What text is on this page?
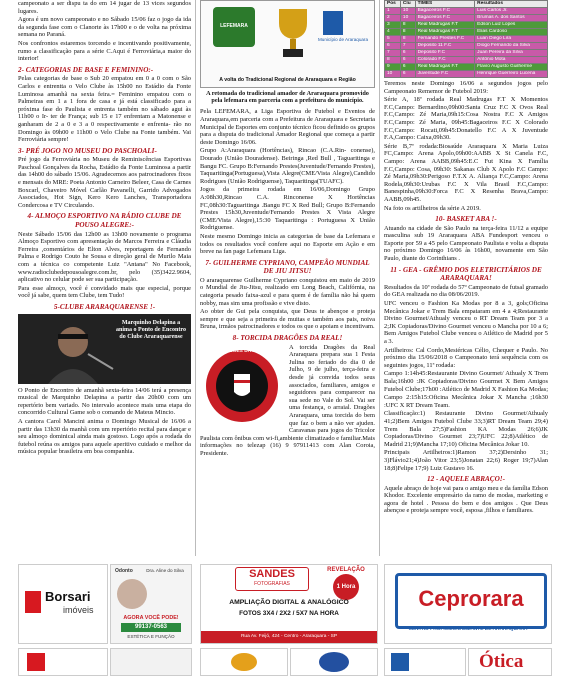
campeonato a ser dispu ta do em 14 jugar de 13 vices segundos lugares.

Agora é um novo campeonato e no Sábado 15/06 faz o jogo da ida da segunda fase com o Clanorte às 17h00 e o de volta na próxima semana no Paraná.

Nos confrontos estaremos torcendo e incentivando positivamente, rumo a classificação para a série C.Aqui é Ferroviária,a maior do interior!

2- CATEGORIAS DE BASE E FEMININO:-

Pelas categorias de base o Sub 20 empatou em 0 a 0 com o São Carlos e entrentta o Velo Clube às 15h00 no Estádio da Fonte Luminosa amanhã na sexta feira.= Feminino empatou com o Palmeiras em 1 a 1 fora de casa e já está classificado para a próxima fase do Paulista e entrenta também no sábado agui às 11h00 o Ir- ter de França; sub 15 e 17 enfrentam a Matonense e ganharam de 2 a 0 e 3 a 0 respectivamente e enfrenta- rão no Domingo às 09h00 e 11h00 o Velo Clube na Fonte também. Vai Ferroviária sempre!

3- PRÉ JOGO NO MUSEU DO PASCHOALI-

Pré jogo da Ferroviária no Museu de Reminiscências Esportivas Paschoal Gonçalves da Rocha, Estádio da Fonte Luminosa a partir das 14h00 do sábado 15/06. Agradecemos aos patrocinadores fixos e mensais do MRE: Poeta Antonio Carneiro Beleer, Casa de Carnes Boxcarl, Chaveiro Móvel Carlão Pavanelli, Garrido Advogados Associados, Hot Sign, Kero Kero Lanches, Transportadora Condercosa e TV Circulando.

4- ALMOÇO ESPORTIVO NA RÁDIO CLUBE DE POUSO ALEGRE:-

Neste Sábado 15/06 das 12h00 as 13h00 novamente o programa Almoço Esportivo com apresentação de Marcos Ferreira e Cláudia Ferreira ,comentários de Elton Alves, reportagem de Fernando Palma e Rodrigo Couto he Sousa e direção geral de Murilo Maia com a técnica co competente Luiz "Antana" No Facebook, www.radioclubedepousoalegre.com.br, pelo (35)3422.9604, aplicativo no celular pode ser sua participação.

Para esse almoço, você é convidado mais que especial, porque você já sabe, quem tem Clube, tem Tudo!

5-CLUBE ARARAQUARENSE !-
Marquinho Delapina a anima o Ponto de Encontro do Clube Araraquarense

O Ponto de Encontro de amanhã sexta-feira 14/06 terá a presença musical de Marquinho Delapina a partir das 20h00 com um repertório bem variado. No intervalo acontece mais uma etapa do concorrido Cultural Game sob o comando de Mateus Mincio.

A cantora Carol Mancini anima o Domingo Musical de 16/06 a partir das 13h30 da manhã com um repertório recital para dançar e seu almoço dominical ainda mais gostoso. Logo após a rodada do futebol reúna os amigos para aquele aperitivo cuidado e melhor da música popular brasileira em boa companhia.

LEFEMARA
Município de Araraquara
A volta do Tradicional Regional de Araraquara e Região
A retomada do tradicional amador de Araraquara promovido pela lefemara em parceria com a prefeitura do município.

Pela LEFEMARA, a Liga Esportiva de Futebol e Eventos de Araraquara,em parceria com a Prefeitura de Araraquara e Secretaria Municipal de Esportes em conjunto técnico ficou definido os grupos para a disputa do tradicional Amador Regional que começa a partir deste Domingo 16/06.

Grupo A:Araraquara (Hortências), Rincao (C.A.Rin- conense), Dourado (União Douradense). Beiringa ,Red Bull , Taguaritinga e Bangu FC. Grupo B:Fernando Prestes(Juventude/Fernando Prestes), Taquaritinga(Portuguesa),Vista Alegre(CME/Vista Alegre),Candido Rodrigues (União Rodriguense), Taquaritinga(TUAFC).

Jogos da primeira rodada em 16/06,Domingo Grupo A:08h30,Rincao C.A. Rinconense X Hortências FC,08h30:Taguaritinga .Bangu FC X Red Bull; Grupo B:Fernando Prestes 15h30,Juventude/Fernando Prestes X Vista Alegre (CME/Vista Alegre),15:30 Taquaritinga : Portuguesa X União Rodriguense.

Neste mesmo Domingo inicia as categorias de base da Lefemara e todos os resultados você confere aqui no Esporte em Ação e em breve na fan page Lefemara Liga.

7- GUILHERME CYPRIANO, CAMPEÃO MUNDIAL DE JIU JITSU!

O araraquarense Guilherme Cypriano conquistou em maio de 2019 o Mundial de Jiu-Jitsu, realizado em Long Beach, Califórnia, na categoria pesado faixa-azul e para quem é de família não há quem nobby, mas sim uma profissão e vive disto.

Ao obter de Gui pela conquista, que Deus te abençoe e proteja sempre e que seja a primeira de muitas e também aos pais, noiva Bruna, irmãos patrocinadores e todos os que o apoiam e incentivam.

8- TORCIDA DRAGÕES DA REAL!
DRAGÕES DA REAL

A torcida Dragões da Real Araraquara prepara sua 1 Festa Julina no feriado do dia 0 de Julho, 9 de julho, terça-feira e desde já convida todos seus associados, familiares, amigos e seguidores para comparecer na sua sede no Vale do Sol. Vai ser uma festança, o arraial. Dragões Araraquara, uma torcida do bem que faz o bem a não ver ajuden. Caravanas para jogos do Tricolor Paulista com ônibus com wi-fi,ambiente climatizado e familiar.Mais informações no telezap (16) 9 97911413 com Alan Coroia, Presidente.

Pos	Clu	TIMES	Resultados
1	10	Bagaceiros F.C	Luis Carlos Jr.
2	10	Bagaceiros F.C	Brumas A. dos Santos
3	8	Real Madrugas F.T	Edson Luiz Lopes
4	8	Real Madrugas F.T	Elias Cardoso
5	8	Fernando Prestes F.C	Luan Diego Lira
6	7	Deposito 11 F.C	Diogo Fernando da Silva
7	6	Deposito F.C	Juan Pereira da Silva
8	6	Colorado F.C	Antônio Mota
9	6	Real Madrugas F.T	Flavio Augusto Guilherme
10	6	Juventude F.C	Henrique Guerreiro Lucena

Teremos neste Domingo 16/06 a segundos jogos pelo Campeonato Rememor de Futebol 2019:

Série A, 18ª rodada Real Madrugas F.T X Momentos F.C,Campo: Bernardino,09h00:Santa Cruz F.C X Ovos Real F.C,Campo: Zé Maria,09h15:Cosa Nostra F.C X Amigos F.C,Campo: Zé Maria, 09h45:Bagaceiros F.C X Colorado F.C,Campo: Rocati,09h45:Donatello F.C A X Juventude F.A,Campo: Caixa,09h30.

Série B,7ª rodada:Biosaúde Araraquara X Maria Luiza FC,Campo: Arena Apolo,09h00:AABB X St Canela F.C, Campo: Arena AABB,09h45:E.C Fut Kina X Família F.C,Campo: Cosa, 09h30: Sakanas Club X Apolo F.C Campo: Zé Maria,09h30:Perigoso F.T.X A. Aliança F.C,Campo: Arena Rodela,09h30:Urubas F.C X Vila Brasil F.C,Campo: Banespinha,09h30:Forca F.C X Resenha Brava,Campo: AABB,09h45.

Na foto os artilheiros da série A 2019.

10- BASKET ABA !-

Atuando na cidade de São Paulo na terça-feira 11/12 a equipe masculina sub 19 Araraquara ABA Fundesport venceu o Esporte por 59 a 45 pelo Campeonato Paulista e volta a disputa no próximo Domingo 16/06 às 16h00, novamente em São Paulo, diante do Corinthians .

11 - GEA - GRÊMIO DOS ELETRICITÁRIOS DE ARARAQUARA!

Resultados da 10ª rodada do 57º Campeonato de futsal gramado do GEA realizada no dia 08/06/2019.

UFC venceu o Fashion Ka Modas por 8 a 3, gols;Oficina Mecânica Jokar e Trem Bala empataram em 4 a 4;Restaurante Divino Gourmet/Athualy venceu o RT Dream Team por 3 a 2;JK Copiadoras/Divino Gourmet venceu o Mancha por 10 a 6; Bem Amigos Futebol Clube venceu o Atlético de Madrid por 5 a 3.

Artilheiros: Cal Cordo,Mesiéricas Célio, Chequer e Paulo. No próximo dia 15/06/2018 o Campeonato terá sequência com os seguintes jogos, 11ª rodada:

Campo 1:14h45:Restaurante Divino Gourmet/ Athualy X Trem Bala;16h00 :JK Copiadoras/Divino Gourmet X Bem Amigos Futebol Clube;17h00 :Atlético de Madrid X Fashion Ka Modas;

Campo 2:15h15:Oficina Mecânica Jokar X Mancha ;16h30 :UFC X RT Dream Team.

Classificação:1) Restaurante Divino Gourmet/Athualy 41;2)Bem Amigos Futebol Clube 33;3)RT Dream Team 29;4) Trem Bala 27;5)Fashion KA Modas 26;6)JK Copiadoras/Divino Gourmet 23;7)UFC 22;8)Atlético de Madrid 21;9)Mancha 17;10) Oficina Mecânica Jokar 10.

Principais Artilheiros:1)Ramon 37;2)Dersinho 31; 3)Flávio21;4)João Vitor 23;5)Jonatan 22;6) Roger 19;7)Alan 18;8)Felipe 17;9) Luiz Gustavo 16.

12 - AQUELE ABRAÇO!-

Aquele abraço de hoje vai para o amigo meu e da família Edson Khodor. Excelente empresário da ramo de modas, marketing e agora de hotel . Pessoa do bem e dos amigos . Que Deus abençoe e proteja sempre você, esposa ,filhos e familiares.

Borsari
imóveis
Odonto	Dra. Aline do Silva
AGORA VOCÊ PODE!
99137-0563
ESTÉTICA E FUNÇÃO
SANDES
FOTOGRAFIAS
REVELAÇÃO
1 Hora
AMPLIAÇÃO DIGITAL & ANALÓGICO
FOTOS 3X4 / 2X2 / 5X7 NA HORA
Rua Av. Feijó, 424 - Centro - Araraquara - SP
Ceprorara
CENTRO PROFISSIONALIZANTE DE ARARAQUARA
Ótica
